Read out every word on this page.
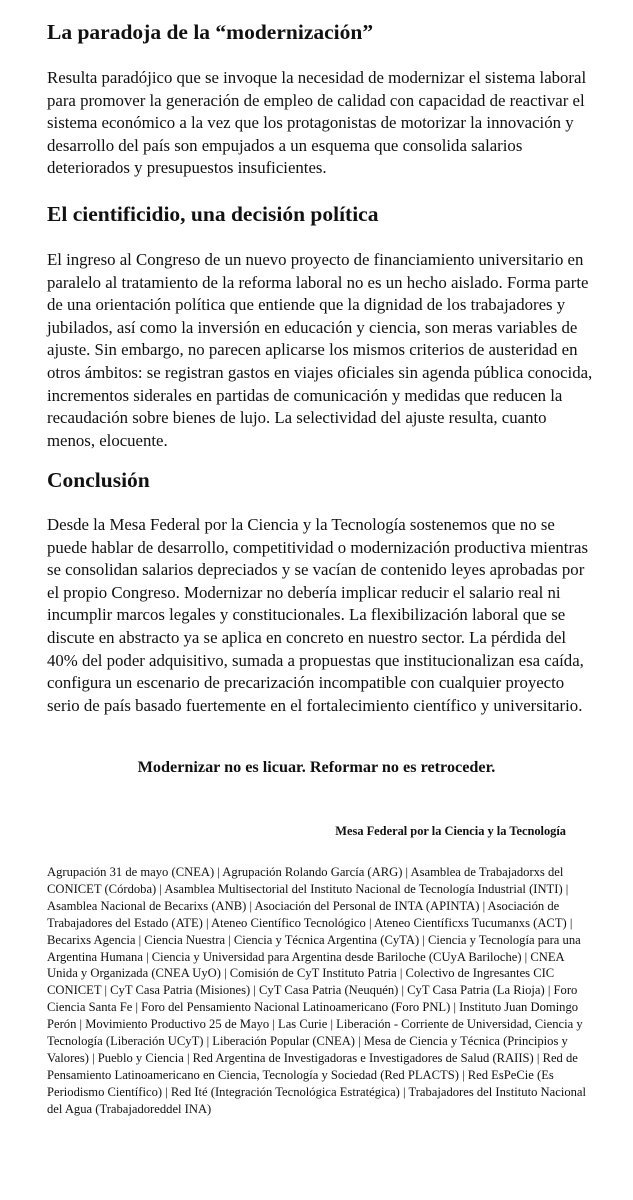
La paradoja de la “modernización”

Resulta paradójico que se invoque la necesidad de modernizar el sistema laboral para promover la generación de empleo de calidad con capacidad de reactivar el sistema económico a la vez que los protagonistas de motorizar la innovación y desarrollo del país son empujados a un esquema que consolida salarios deteriorados y presupuestos insuficientes.

El cientificidio, una decisión política

El ingreso al Congreso de un nuevo proyecto de financiamiento universitario en paralelo al tratamiento de la reforma laboral no es un hecho aislado. Forma parte de una orientación política que entiende que la dignidad de los trabajadores y jubilados, así como la inversión en educación y ciencia, son meras variables de ajuste. Sin embargo, no parecen aplicarse los mismos criterios de austeridad en otros ámbitos: se registran gastos en viajes oficiales sin agenda pública conocida, incrementos siderales en partidas de comunicación y medidas que reducen la recaudación sobre bienes de lujo. La selectividad del ajuste resulta, cuanto menos, elocuente.

Conclusión

Desde la Mesa Federal por la Ciencia y la Tecnología sostenemos que no se puede hablar de desarrollo, competitividad o modernización productiva mientras se consolidan salarios depreciados y se vacían de contenido leyes aprobadas por el propio Congreso. Modernizar no debería implicar reducir el salario real ni incumplir marcos legales y constitucionales. La flexibilización laboral que se discute en abstracto ya se aplica en concreto en nuestro sector. La pérdida del 40% del poder adquisitivo, sumada a propuestas que institucionalizan esa caída, configura un escenario de precarización incompatible con cualquier proyecto serio de país basado fuertemente en el fortalecimiento científico y universitario.

Modernizar no es licuar. Reformar no es retroceder.
Mesa Federal por la Ciencia y la Tecnología

Agrupación 31 de mayo (CNEA) | Agrupación Rolando García (ARG) | Asamblea de Trabajadorxs del CONICET (Córdoba) | Asamblea Multisectorial del Instituto Nacional de Tecnología Industrial (INTI) | Asamblea Nacional de Becarixs (ANB) | Asociación del Personal de INTA (APINTA) | Asociación de Trabajadores del Estado (ATE) | Ateneo Científico Tecnológico | Ateneo Científicxs Tucumanxs (ACT) | Becarixs Agencia | Ciencia Nuestra | Ciencia y Técnica Argentina (CyTA) | Ciencia y Tecnología para una Argentina Humana | Ciencia y Universidad para Argentina desde Bariloche (CUyA Bariloche) | CNEA Unida y Organizada (CNEA UyO) | Comisión de CyT Instituto Patria | Colectivo de Ingresantes CIC CONICET | CyT Casa Patria (Misiones) | CyT Casa Patria (Neuquén) | CyT Casa Patria (La Rioja) | Foro Ciencia Santa Fe | Foro del Pensamiento Nacional Latinoamericano (Foro PNL) | Instituto Juan Domingo Perón | Movimiento Productivo 25 de Mayo | Las Curie | Liberación - Corriente de Universidad, Ciencia y Tecnología (Liberación UCyT) | Liberación Popular (CNEA) | Mesa de Ciencia y Técnica (Principios y Valores) | Pueblo y Ciencia | Red Argentina de Investigadoras e Investigadores de Salud (RAIIS) | Red de Pensamiento Latinoamericano en Ciencia, Tecnología y Sociedad (Red PLACTS) | Red EsPeCie (Es Periodismo Científico) | Red Ité (Integración Tecnológica Estratégica) | Trabajadores del Instituto Nacional del Agua (Trabajadoreddel INA)
